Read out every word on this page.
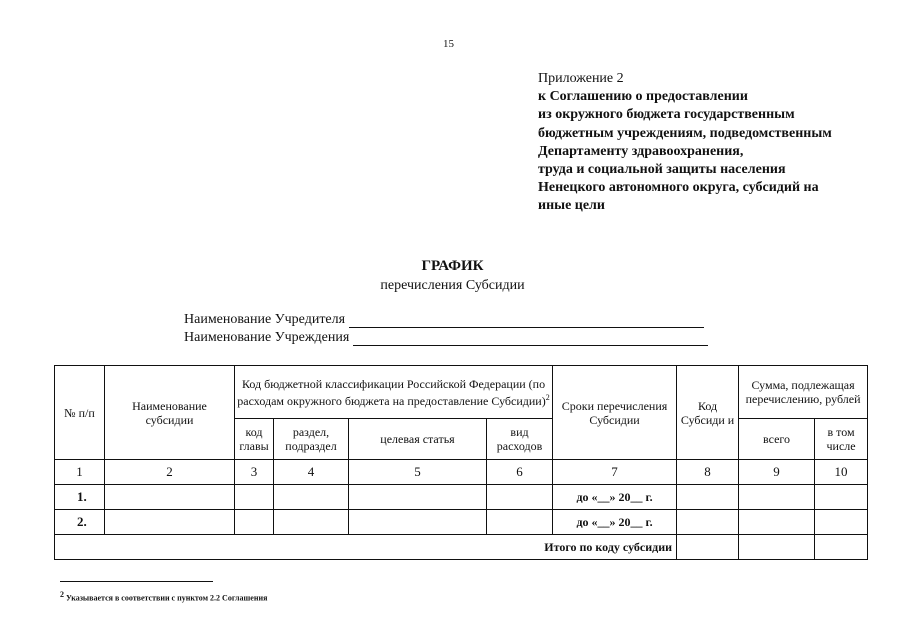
15
Приложение 2
к Соглашению о предоставлении
из окружного бюджета государственным
бюджетным учреждениям, подведомственным
Департаменту здравоохранения,
труда и социальной защиты населения
Ненецкого автономного округа, субсидий на
иные цели
ГРАФИК
перечисления Субсидии
Наименование Учредителя
Наименование Учреждения
№ п/п	Наименование субсидии	Код бюджетной классификации Российской Федерации (по расходам окружного бюджета на предоставление Субсидии)$^2$				Сроки перечисления Субсидии	Код Субсиди и	Сумма, подлежащая перечислению, рублей	
		код главы	раздел, подраздел	целевая статья	вид расходов			всего	в том числе
1	2	3	4	5	6	7	8	9	10
1.						до «__» 20__ г.			
2.						до «__» 20__ г.			
Итого по коду субсидии									
$^2$ Указывается в соответствии с пунктом 2.2 Соглашения
